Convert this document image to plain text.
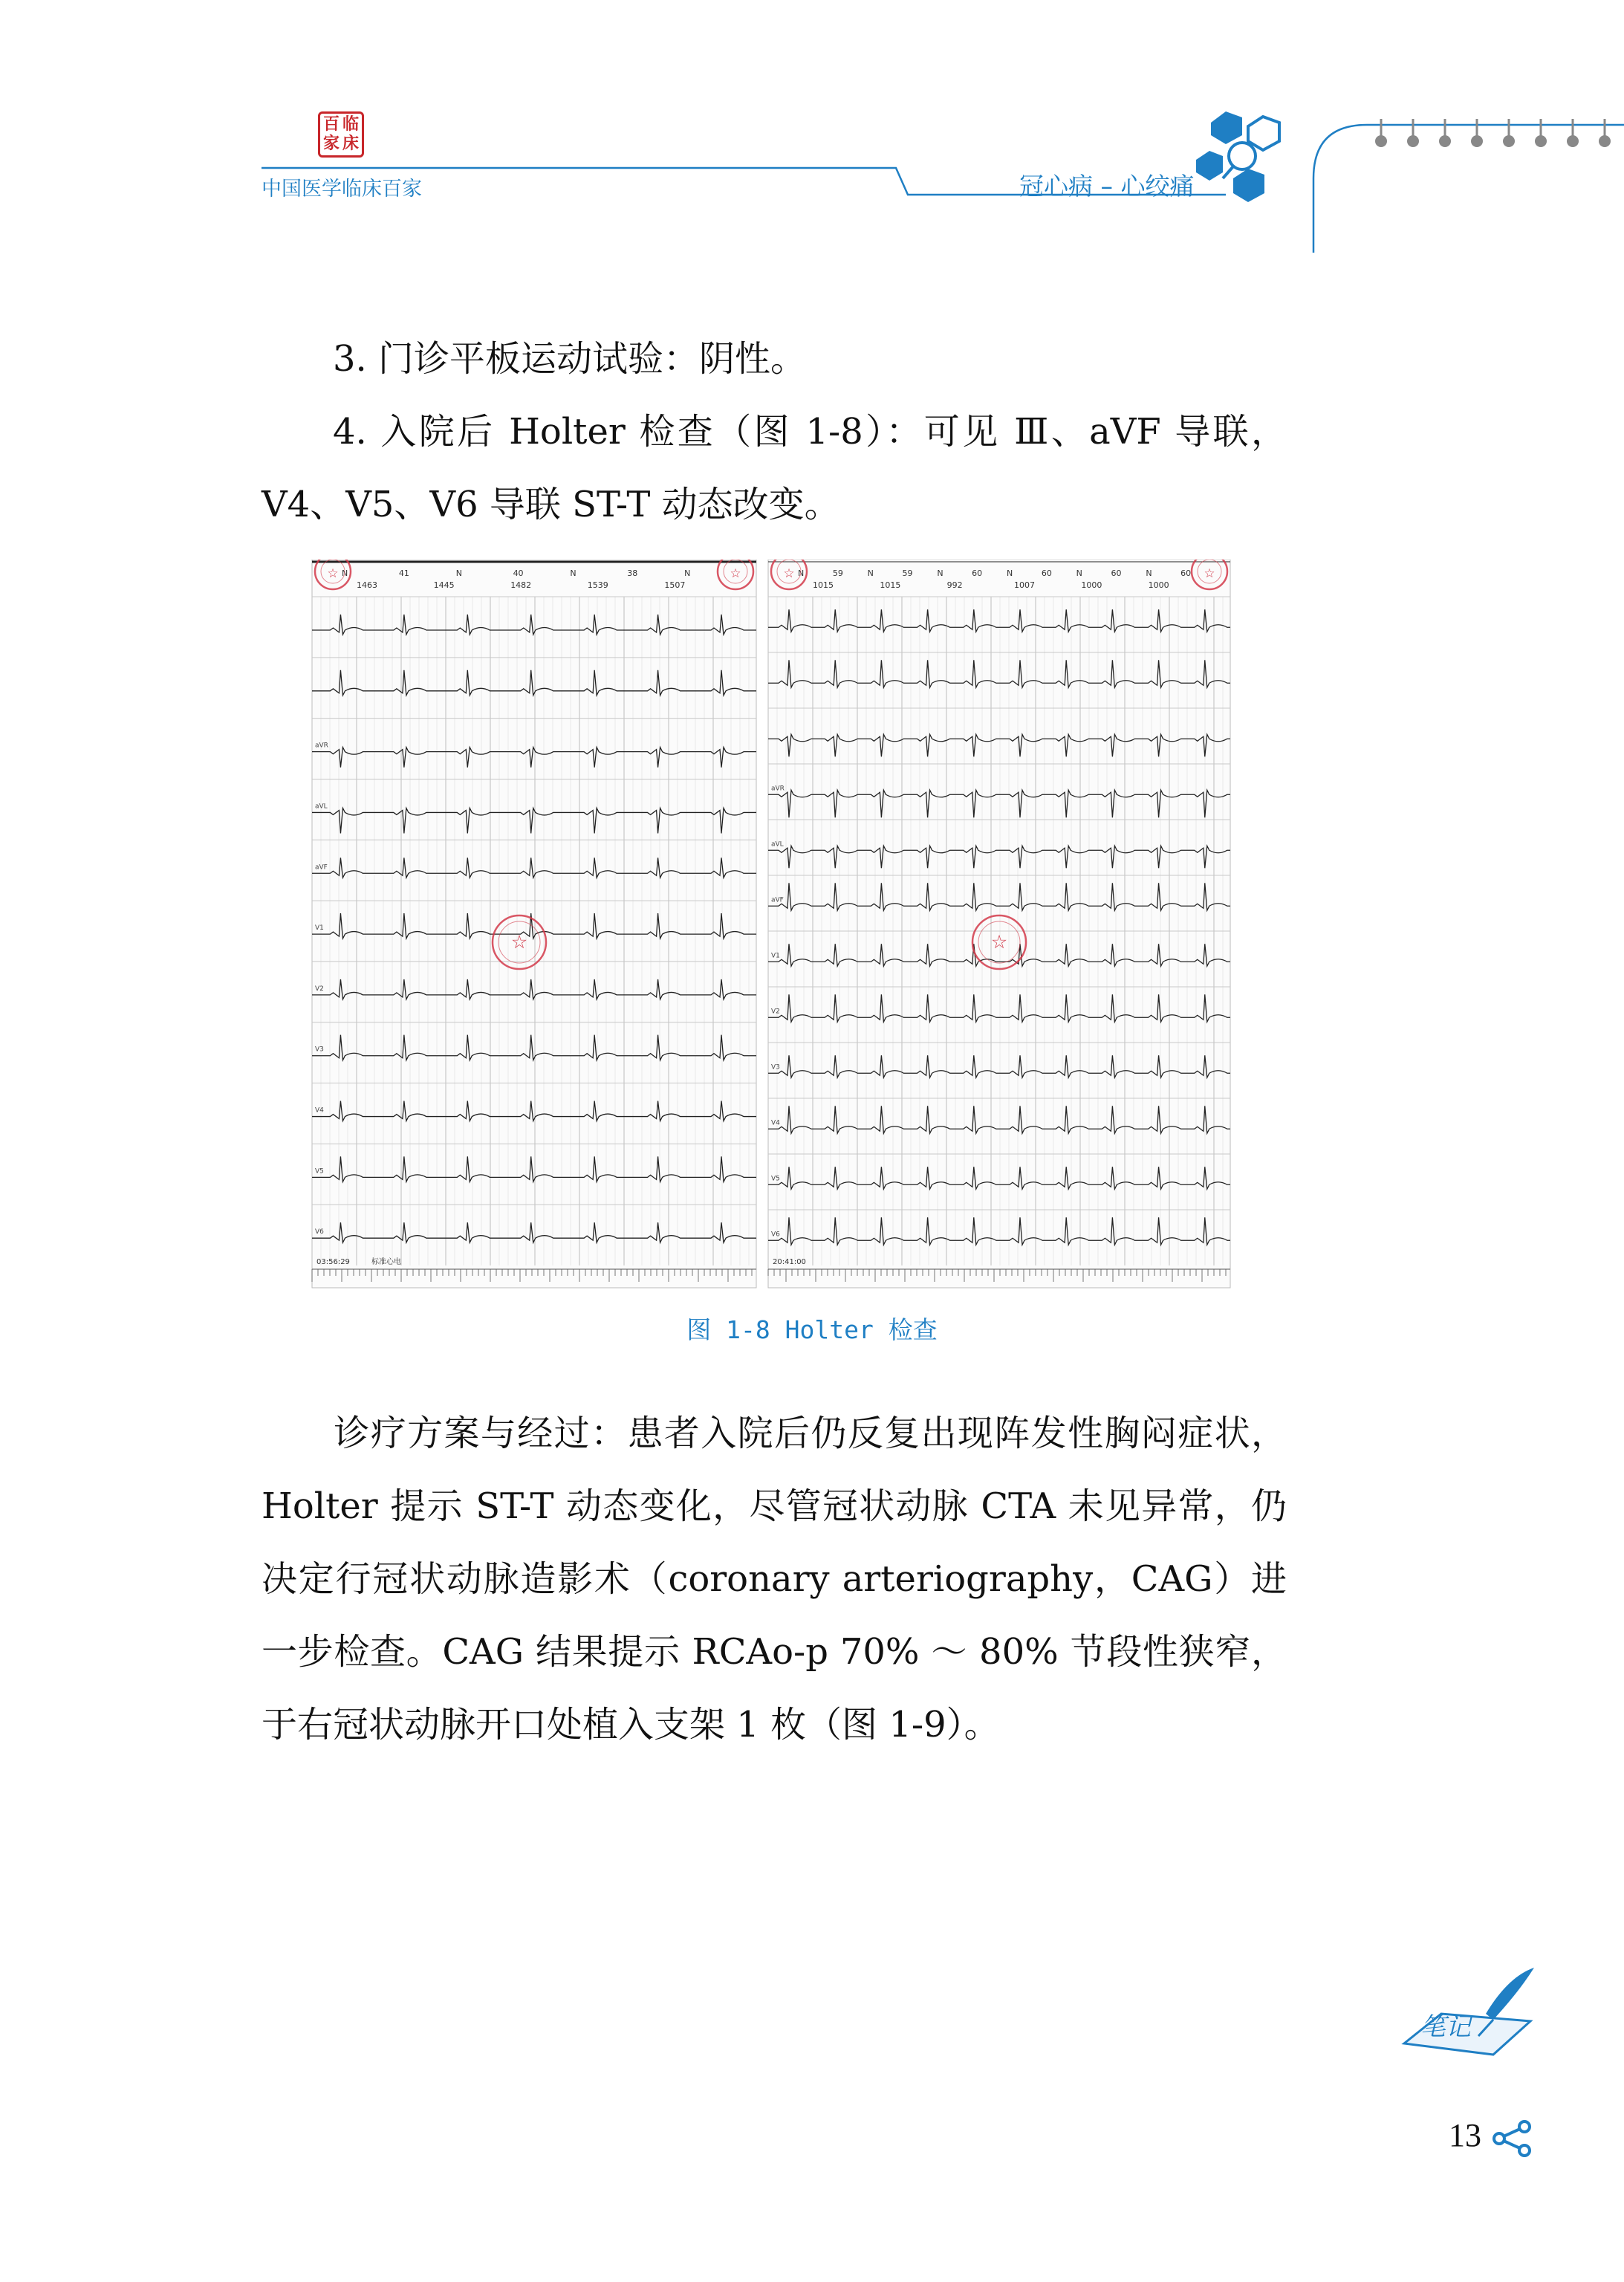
百 临
家 床
中国医学临床百家	冠心病 – 心绞痛

3. 门诊平板运动试验：阴性。

4. 入院后 Holter 检查（图 1-8）：可见 Ⅲ、aVF 导联，V4、V5、V6 导联 ST-T 动态改变。

N	41	N	40	N	38	N
1463	1445	1482	1539	1507
aVR
aVL
aVF
V1
V2
V3
V4
V5
V6
03:56:29	标准心电
☆	☆
☆
N	59	N	59	N	60	N	60	N	60	N	60
1015	1015	992	1007	1000	1000
aVR
aVL
aVF
V1
V2
V3
V4
V5
V6
20:41:00
☆	☆
☆
图 1-8 Holter 检查

诊疗方案与经过：患者入院后仍反复出现阵发性胸闷症状，Holter 提示 ST-T 动态变化，尽管冠状动脉 CTA 未见异常，仍决定行冠状动脉造影术（coronary arteriography，CAG）进一步检查。CAG 结果提示 RCAo-p 70% ～ 80% 节段性狭窄，于右冠状动脉开口处植入支架 1 枚（图 1-9）。

笔记
13
